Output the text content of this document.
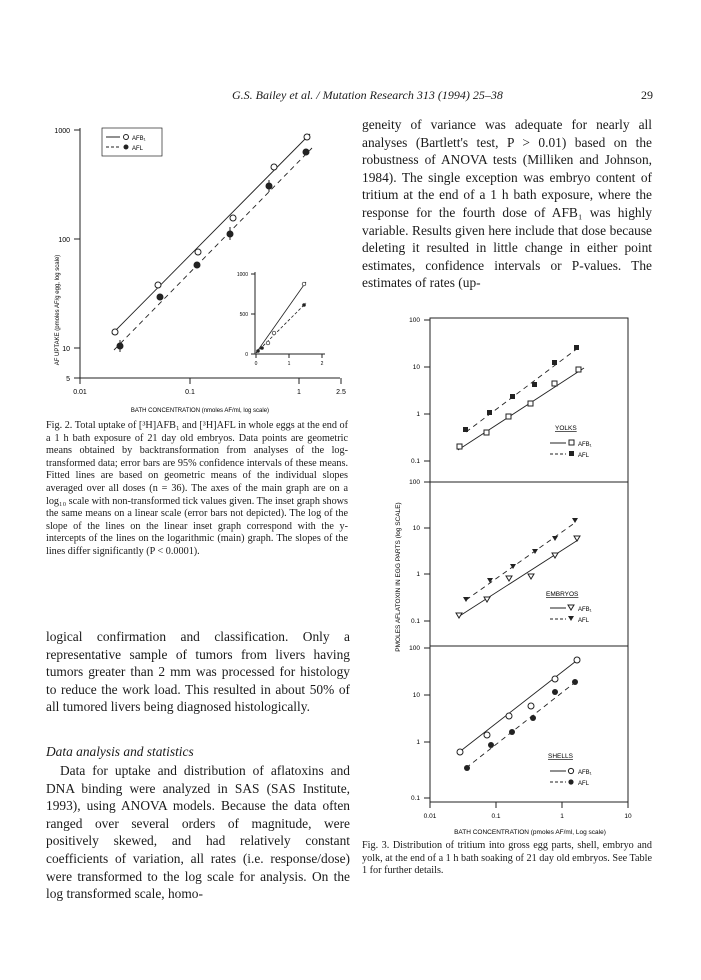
G.S. Bailey et al. / Mutation Research 313 (1994) 25–38	29
AF UPTAKE (pmoles AF/g egg, log scale)
1000
100
10
5
0.01	0.1	1	2.5
BATH CONCENTRATION (nmoles AF/ml, log scale)
AFB₁
AFL
1000
500
0
0	1	2
Fig. 2. Total uptake of [³H]AFB₁ and [³H]AFL in whole eggs at the end of a 1 h bath exposure of 21 day old embryos. Data points are geometric means obtained by backtransformation from analyses of the log-transformed data; error bars are 95% confidence intervals of these means. Fitted lines are based on geometric means of the individual slopes averaged over all doses (n = 36). The axes of the main graph are on a log₁₀ scale with non-transformed tick values given. The inset graph shows the same means on a linear scale (error bars not depicted). The log of the slope of the lines on the linear inset graph correspond with the y-intercepts of the lines on the logarithmic (main) graph. The slopes of the lines differ significantly (P < 0.0001).

logical confirmation and classification. Only a representative sample of tumors from livers having tumors greater than 2 mm was processed for histology to reduce the work load. This resulted in about 50% of all tumored livers being diagnosed histologically.

Data analysis and statistics

Data for uptake and distribution of aflatoxins and DNA binding were analyzed in SAS (SAS Institute, 1993), using ANOVA models. Because the data often ranged over several orders of magnitude, were positively skewed, and had relatively constant coefficients of variation, all rates (i.e. response/dose) were transformed to the log scale for analysis. On the log transformed scale, homo-

geneity of variance was adequate for nearly all analyses (Bartlett's test, P > 0.01) based on the robustness of ANOVA tests (Milliken and Johnson, 1984). The single exception was embryo content of tritium at the end of a 1 h bath exposure, where the response for the fourth dose of AFB₁ was highly variable. Results given here include that dose because deleting it resulted in little change in either point estimates, confidence intervals or P-values. The estimates of rates (up-

PMOLES AFLATOXIN IN EGG PARTS (log SCALE)
100
10
1
0.1
YOLKS
AFB₁
AFL
100
10
1
0.1
EMBRYOS
AFB₁
AFL
100
10
1
0.1
SHELLS
AFB₁
AFL
0.01	0.1	1	10
BATH CONCENTRATION (pmoles AF/ml, Log scale)
Fig. 3. Distribution of tritium into gross egg parts, shell, embryo and yolk, at the end of a 1 h bath soaking of 21 day old embryos. See Table 1 for further details.
